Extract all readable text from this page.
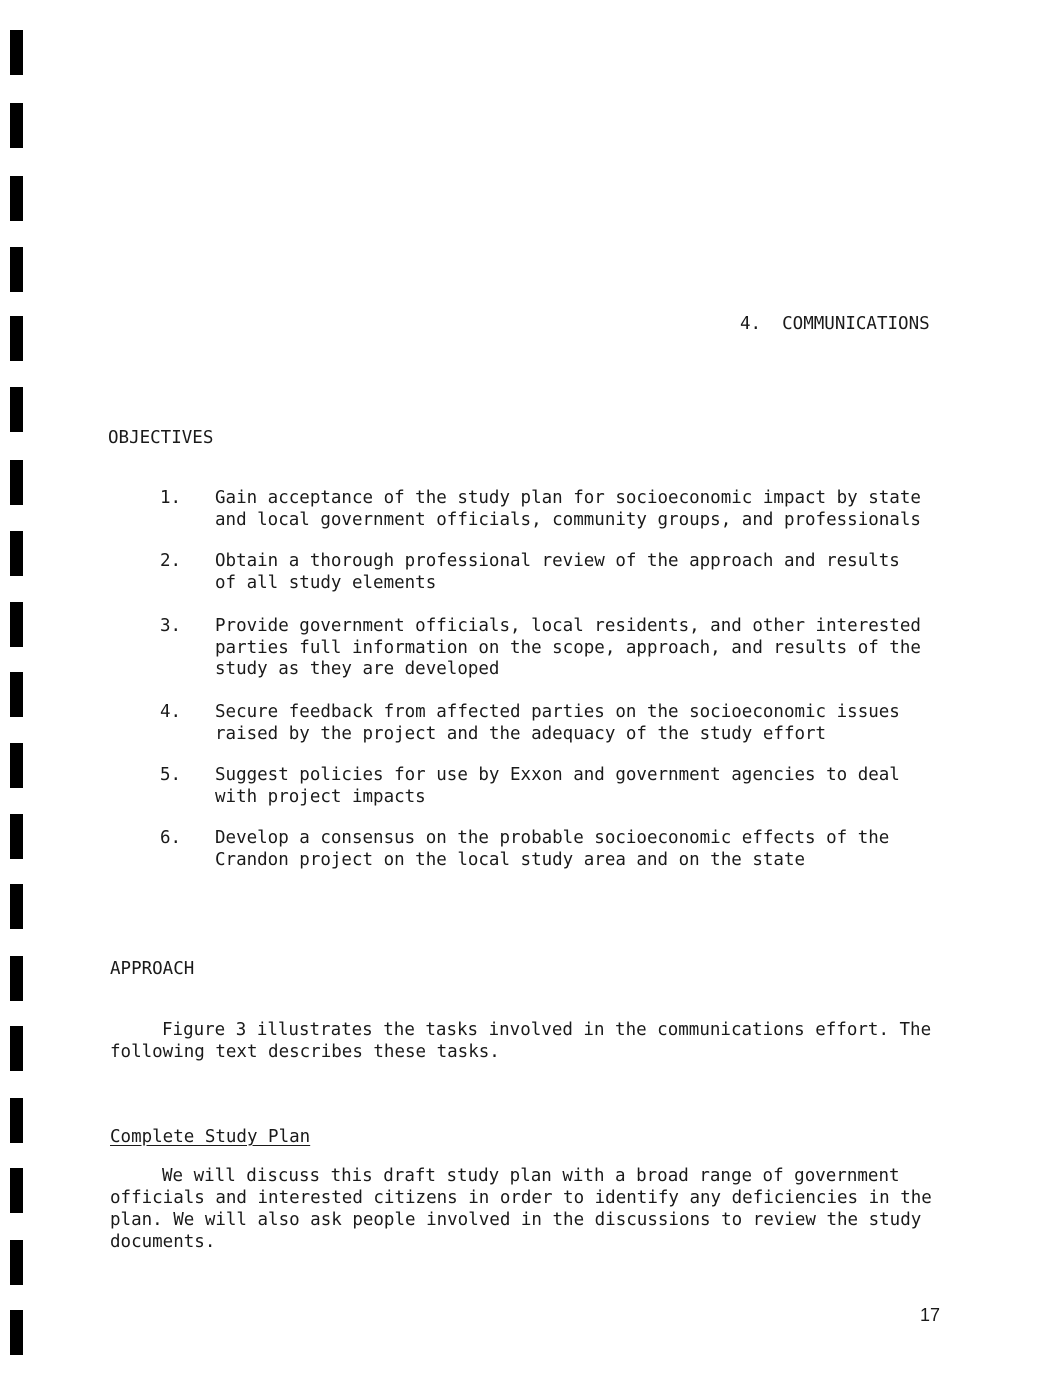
4.  COMMUNICATIONS
OBJECTIVES
1. Gain acceptance of the study plan for socioeconomic impact by state and local government officials, community groups, and professionals
2. Obtain a thorough professional review of the approach and results of all study elements
3. Provide government officials, local residents, and other interested parties full information on the scope, approach, and results of the study as they are developed
4. Secure feedback from affected parties on the socioeconomic issues raised by the project and the adequacy of the study effort
5. Suggest policies for use by Exxon and government agencies to deal with project impacts
6. Develop a consensus on the probable socioeconomic effects of the Crandon project on the local study area and on the state
APPROACH
Figure 3 illustrates the tasks involved in the communications effort. The following text describes these tasks.
Complete Study Plan
We will discuss this draft study plan with a broad range of government officials and interested citizens in order to identify any deficiencies in the plan. We will also ask people involved in the discussions to review the study documents.
17
